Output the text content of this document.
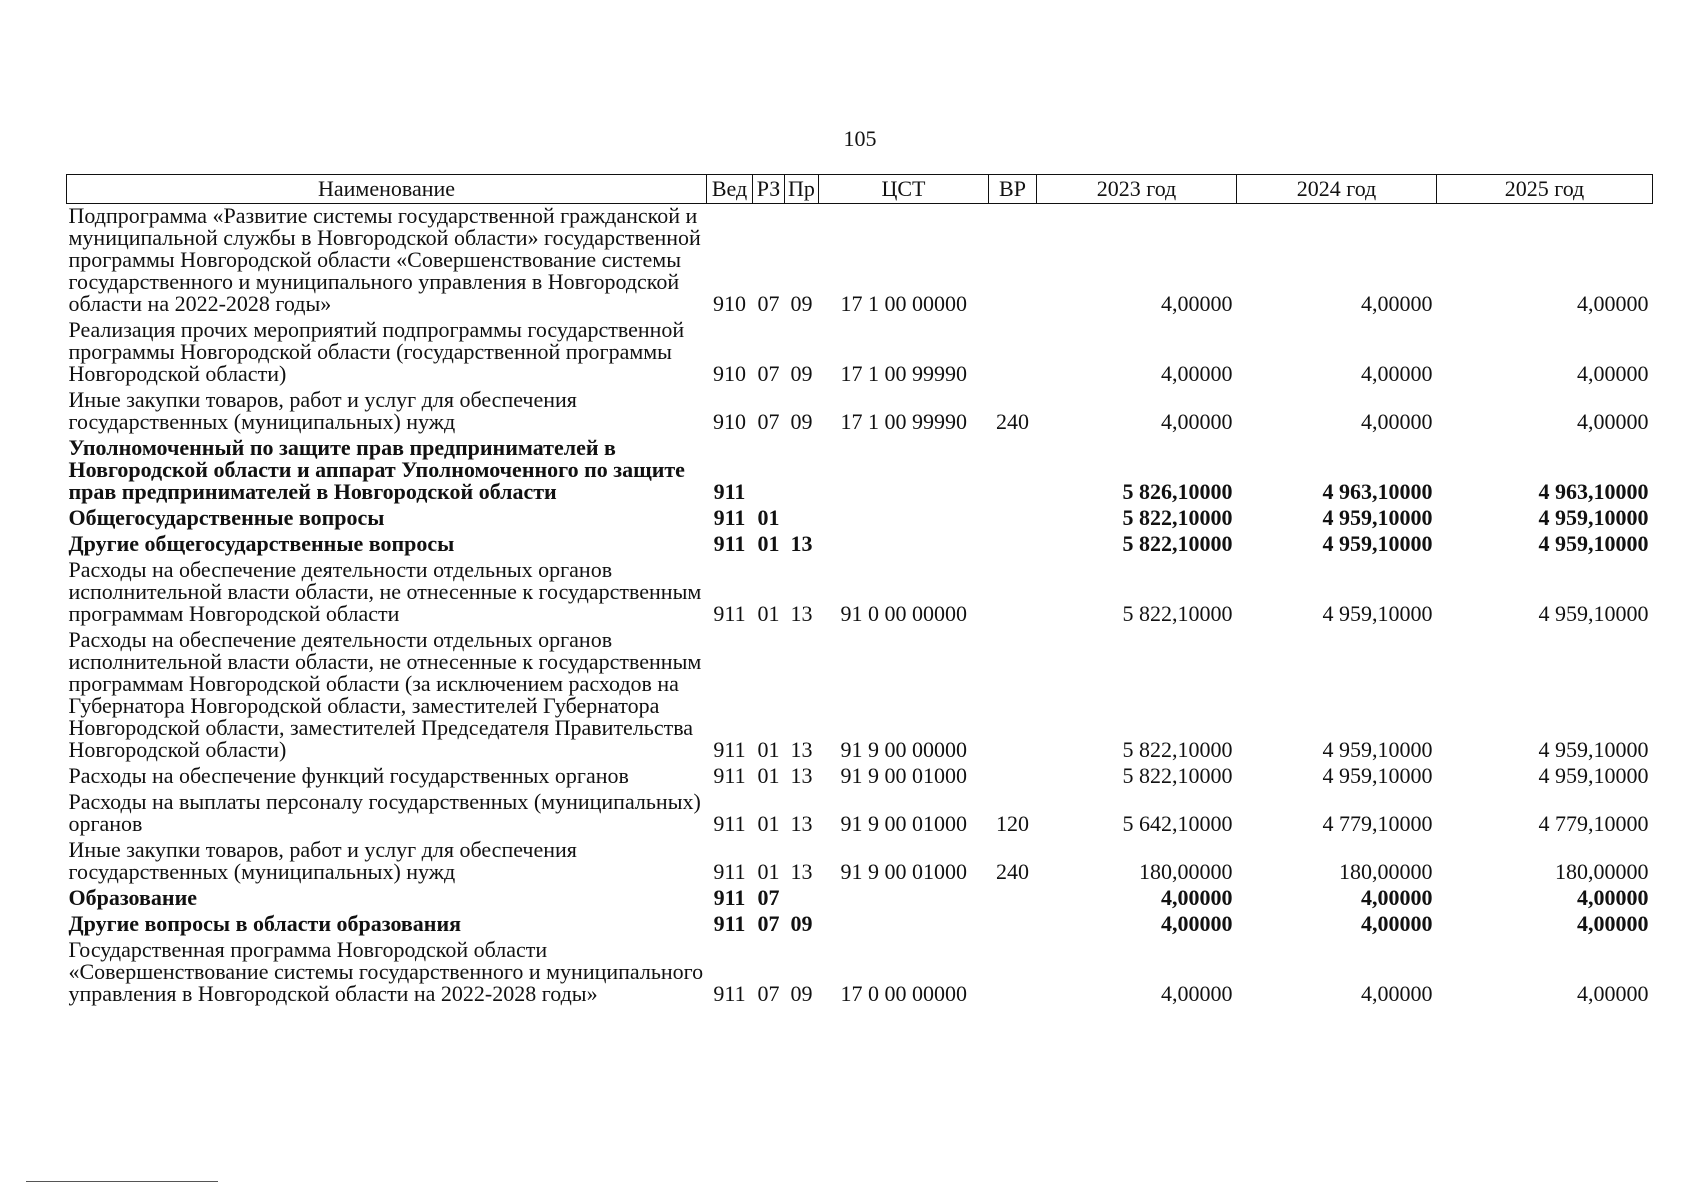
105
Наименование	Вед	РЗ	Пр	ЦСТ	ВР	2023 год	2024 год	2025 год
Подпрограмма «Развитие системы государственной гражданской и муниципальной службы в Новгородской области» государственной программы Новгородской области «Совершенствование системы государственного и муниципального управления в Новгородской области на 2022-2028 годы»	910	07	09	17 1 00 00000		4,00000	4,00000	4,00000
Реализация прочих мероприятий подпрограммы государственной программы Новгородской области (государственной программы Новгородской области)	910	07	09	17 1 00 99990		4,00000	4,00000	4,00000
Иные закупки товаров, работ и услуг для обеспечения государственных (муниципальных) нужд	910	07	09	17 1 00 99990	240	4,00000	4,00000	4,00000
Уполномоченный по защите прав предпринимателей в Новгородской области и аппарат Уполномоченного по защите прав предпринимателей в Новгородской области	911					5 826,10000	4 963,10000	4 963,10000
Общегосударственные вопросы	911	01				5 822,10000	4 959,10000	4 959,10000
Другие общегосударственные вопросы	911	01	13			5 822,10000	4 959,10000	4 959,10000
Расходы на обеспечение деятельности отдельных органов исполнительной власти области, не отнесенные к государственным программам Новгородской области	911	01	13	91 0 00 00000		5 822,10000	4 959,10000	4 959,10000
Расходы на обеспечение деятельности отдельных органов исполнительной власти области, не отнесенные к государственным программам Новгородской области (за исключением расходов на Губернатора Новгородской области, заместителей Губернатора Новгородской области, заместителей Председателя Правительства Новгородской области)	911	01	13	91 9 00 00000		5 822,10000	4 959,10000	4 959,10000
Расходы на обеспечение функций государственных органов	911	01	13	91 9 00 01000		5 822,10000	4 959,10000	4 959,10000
Расходы на выплаты персоналу государственных (муниципальных) органов	911	01	13	91 9 00 01000	120	5 642,10000	4 779,10000	4 779,10000
Иные закупки товаров, работ и услуг для обеспечения государственных (муниципальных) нужд	911	01	13	91 9 00 01000	240	180,00000	180,00000	180,00000
Образование	911	07				4,00000	4,00000	4,00000
Другие вопросы в области образования	911	07	09			4,00000	4,00000	4,00000
Государственная программа Новгородской области «Совершенствование системы государственного и муниципального управления в Новгородской области на 2022-2028 годы»	911	07	09	17 0 00 00000		4,00000	4,00000	4,00000
